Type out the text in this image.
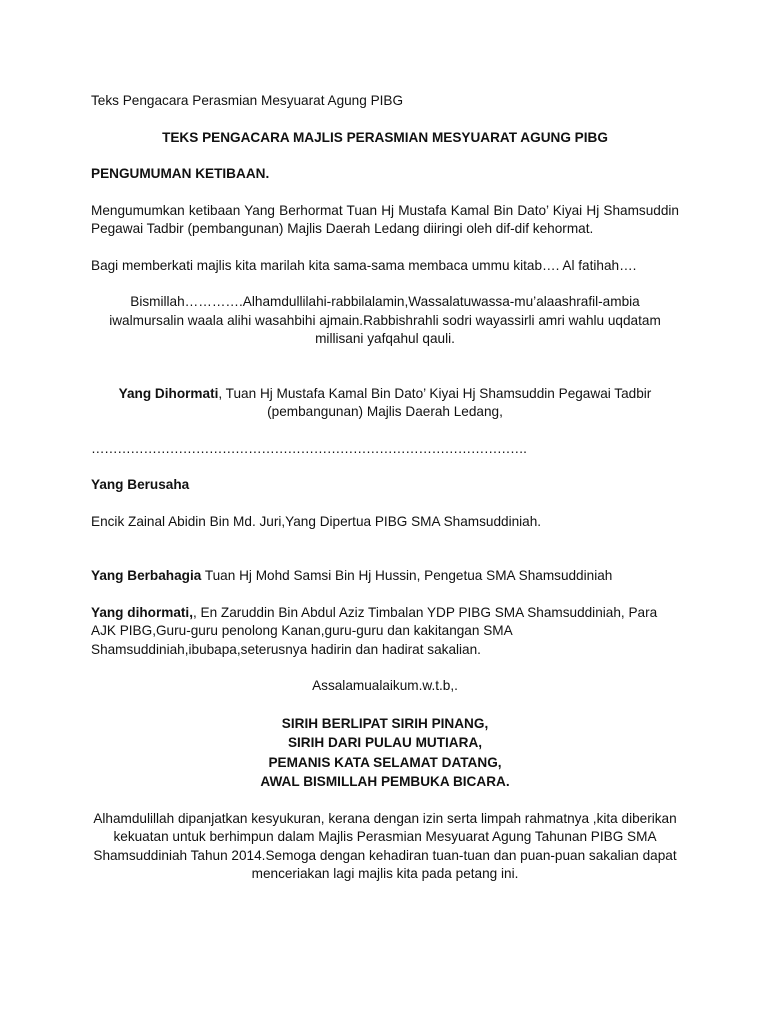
Teks Pengacara Perasmian Mesyuarat Agung PIBG

TEKS PENGACARA MAJLIS PERASMIAN MESYUARAT AGUNG PIBG

PENGUMUMAN KETIBAAN.

Mengumumkan ketibaan Yang Berhormat Tuan Hj Mustafa Kamal Bin Dato’ Kiyai Hj Shamsuddin Pegawai Tadbir (pembangunan) Majlis Daerah Ledang diiringi oleh dif-dif kehormat.

Bagi memberkati majlis kita marilah kita sama-sama membaca ummu kitab…. Al fatihah….

Bismillah………….Alhamdullilahi-rabbilalamin,Wassalatuwassa-mu’alaashrafil-ambia iwalmursalin waala alihi wasahbihi ajmain.Rabbishrahli sodri wayassirli amri wahlu uqdatam millisani yafqahul qauli.

Yang Dihormati, Tuan Hj Mustafa Kamal Bin Dato’ Kiyai Hj Shamsuddin Pegawai Tadbir (pembangunan) Majlis Daerah Ledang,

……………………………………………………………………………………….

Yang Berusaha

Encik Zainal Abidin Bin Md. Juri,Yang Dipertua PIBG SMA Shamsuddiniah.

Yang Berbahagia Tuan Hj Mohd Samsi Bin Hj Hussin, Pengetua SMA Shamsuddiniah

Yang dihormati,, En Zaruddin Bin Abdul Aziz Timbalan YDP PIBG SMA Shamsuddiniah, Para AJK PIBG,Guru-guru penolong Kanan,guru-guru dan kakitangan SMA Shamsuddiniah,ibubapa,seterusnya hadirin dan hadirat sakalian.

Assalamualaikum.w.t.b,.

SIRIH BERLIPAT SIRIH PINANG,

SIRIH DARI PULAU MUTIARA,

PEMANIS KATA SELAMAT DATANG,

AWAL BISMILLAH PEMBUKA BICARA.

Alhamdulillah dipanjatkan kesyukuran, kerana dengan izin serta limpah rahmatnya ,kita diberikan kekuatan untuk berhimpun dalam Majlis Perasmian Mesyuarat Agung Tahunan PIBG SMA Shamsuddiniah Tahun 2014.Semoga dengan kehadiran tuan-tuan dan puan-puan sakalian dapat menceriakan lagi majlis kita pada petang ini.
